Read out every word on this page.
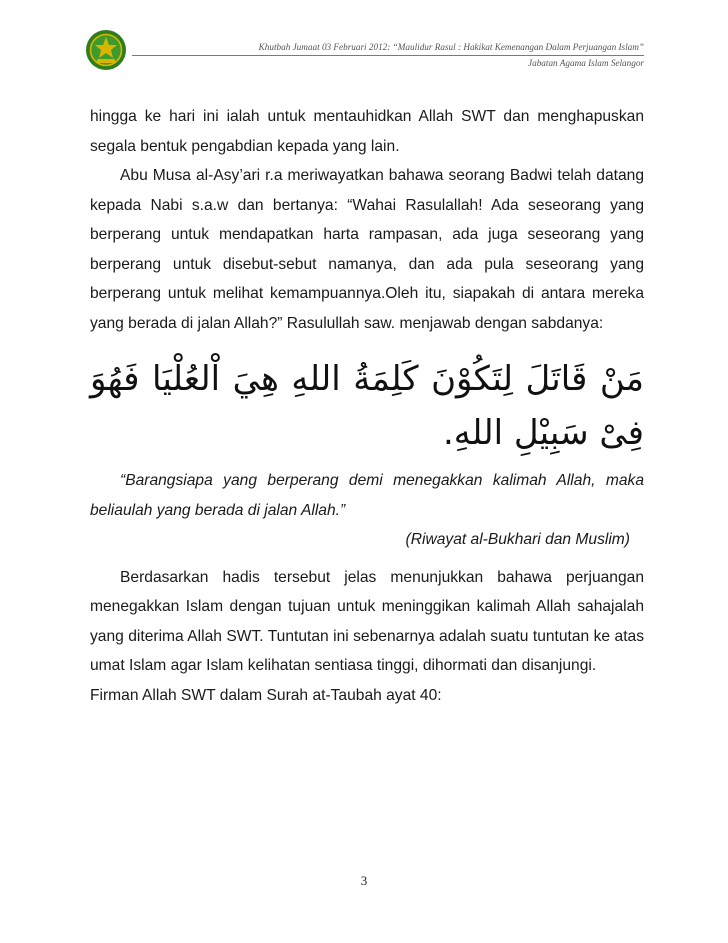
Khutbah Jumaat 03 Februari 2012: “Maulidur Rasul : Hakikat Kemenangan Dalam Perjuangan Islam”
Jabatan Agama Islam Selangor

hingga ke hari ini ialah untuk mentauhidkan Allah SWT dan menghapuskan segala bentuk pengabdian kepada yang lain.

Abu Musa al-Asy’ari r.a meriwayatkan bahawa seorang Badwi telah datang kepada Nabi s.a.w dan bertanya: “Wahai Rasulallah! Ada seseorang yang berperang untuk mendapatkan harta rampasan, ada juga seseorang yang berperang untuk disebut-sebut namanya, dan ada pula seseorang yang berperang untuk melihat kemampuannya.Oleh itu, siapakah di antara mereka yang berada di jalan Allah?” Rasulullah saw. menjawab dengan sabdanya:

مَنْ قَاتَلَ لِتَكُوْنَ كَلِمَةُ اللهِ هِيَ اْلعُلْيَا فَهُوَ فِىْ سَبِيْلِ اللهِ.

“Barangsiapa yang berperang demi menegakkan kalimah Allah, maka beliaulah yang berada di jalan Allah.”

(Riwayat al-Bukhari dan Muslim)

Berdasarkan hadis tersebut jelas menunjukkan bahawa perjuangan menegakkan Islam dengan tujuan untuk meninggikan kalimah Allah sahajalah yang diterima Allah SWT. Tuntutan ini sebenarnya adalah suatu tuntutan ke atas umat Islam agar Islam kelihatan sentiasa tinggi, dihormati dan disanjungi.

Firman Allah SWT dalam Surah at-Taubah ayat 40:

3
